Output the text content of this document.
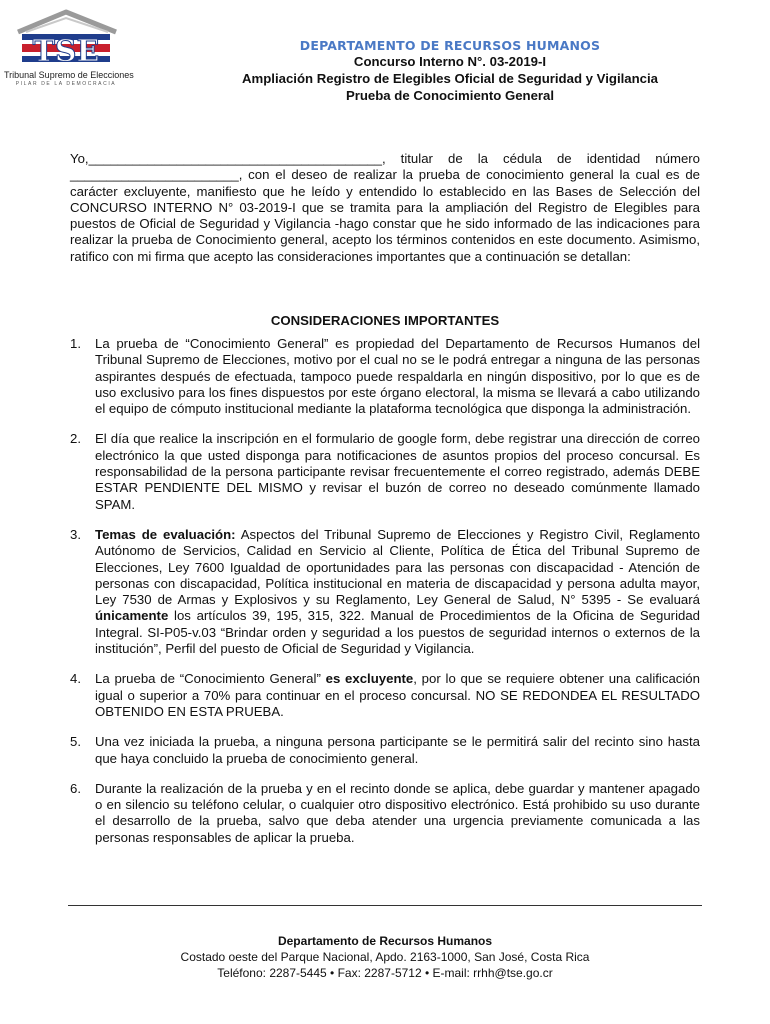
TSE
Tribunal Supremo de Elecciones
PILAR DE LA DEMOCRACIA
DEPARTAMENTO DE RECURSOS HUMANOS
Concurso Interno N°. 03-2019-I
Ampliación Registro de Elegibles Oficial de Seguridad y Vigilancia
Prueba de Conocimiento General
Yo,________________________________________, titular de la cédula de identidad número _______________________, con el deseo de realizar la prueba de conocimiento general la cual es de carácter excluyente, manifiesto que he leído y entendido lo establecido en las Bases de Selección del CONCURSO INTERNO N° 03-2019-I que se tramita para la ampliación del Registro de Elegibles para puestos de Oficial de Seguridad y Vigilancia -hago constar que he sido informado de las indicaciones para realizar la prueba de Conocimiento general, acepto los términos contenidos en este documento. Asimismo, ratifico con mi firma que acepto las consideraciones importantes que a continuación se detallan:
CONSIDERACIONES IMPORTANTES
1. La prueba de “Conocimiento General” es propiedad del Departamento de Recursos Humanos del Tribunal Supremo de Elecciones, motivo por el cual no se le podrá entregar a ninguna de las personas aspirantes después de efectuada, tampoco puede respaldarla en ningún dispositivo, por lo que es de uso exclusivo para los fines dispuestos por este órgano electoral, la misma se llevará a cabo utilizando el equipo de cómputo institucional mediante la plataforma tecnológica que disponga la administración.

2. El día que realice la inscripción en el formulario de google form, debe registrar una dirección de correo electrónico la que usted disponga para notificaciones de asuntos propios del proceso concursal. Es responsabilidad de la persona participante revisar frecuentemente el correo registrado, además DEBE ESTAR PENDIENTE DEL MISMO y revisar el buzón de correo no deseado comúnmente llamado SPAM.

3. Temas de evaluación: Aspectos del Tribunal Supremo de Elecciones y Registro Civil, Reglamento Autónomo de Servicios, Calidad en Servicio al Cliente, Política de Ética del Tribunal Supremo de Elecciones, Ley 7600 Igualdad de oportunidades para las personas con discapacidad - Atención de personas con discapacidad, Política institucional en materia de discapacidad y persona adulta mayor, Ley 7530 de Armas y Explosivos y su Reglamento, Ley General de Salud, N° 5395 - Se evaluará únicamente los artículos 39, 195, 315, 322. Manual de Procedimientos de la Oficina de Seguridad Integral. SI-P05-v.03 “Brindar orden y seguridad a los puestos de seguridad internos o externos de la institución”, Perfil del puesto de Oficial de Seguridad y Vigilancia.

4. La prueba de “Conocimiento General” es excluyente, por lo que se requiere obtener una calificación igual o superior a 70% para continuar en el proceso concursal. NO SE REDONDEA EL RESULTADO OBTENIDO EN ESTA PRUEBA.

5. Una vez iniciada la prueba, a ninguna persona participante se le permitirá salir del recinto sino hasta que haya concluido la prueba de conocimiento general.

6. Durante la realización de la prueba y en el recinto donde se aplica, debe guardar y mantener apagado o en silencio su teléfono celular, o cualquier otro dispositivo electrónico. Está prohibido su uso durante el desarrollo de la prueba, salvo que deba atender una urgencia previamente comunicada a las personas responsables de aplicar la prueba.

Departamento de Recursos Humanos
Costado oeste del Parque Nacional, Apdo. 2163-1000, San José, Costa Rica
Teléfono: 2287-5445 • Fax: 2287-5712 • E-mail: rrhh@tse.go.cr
